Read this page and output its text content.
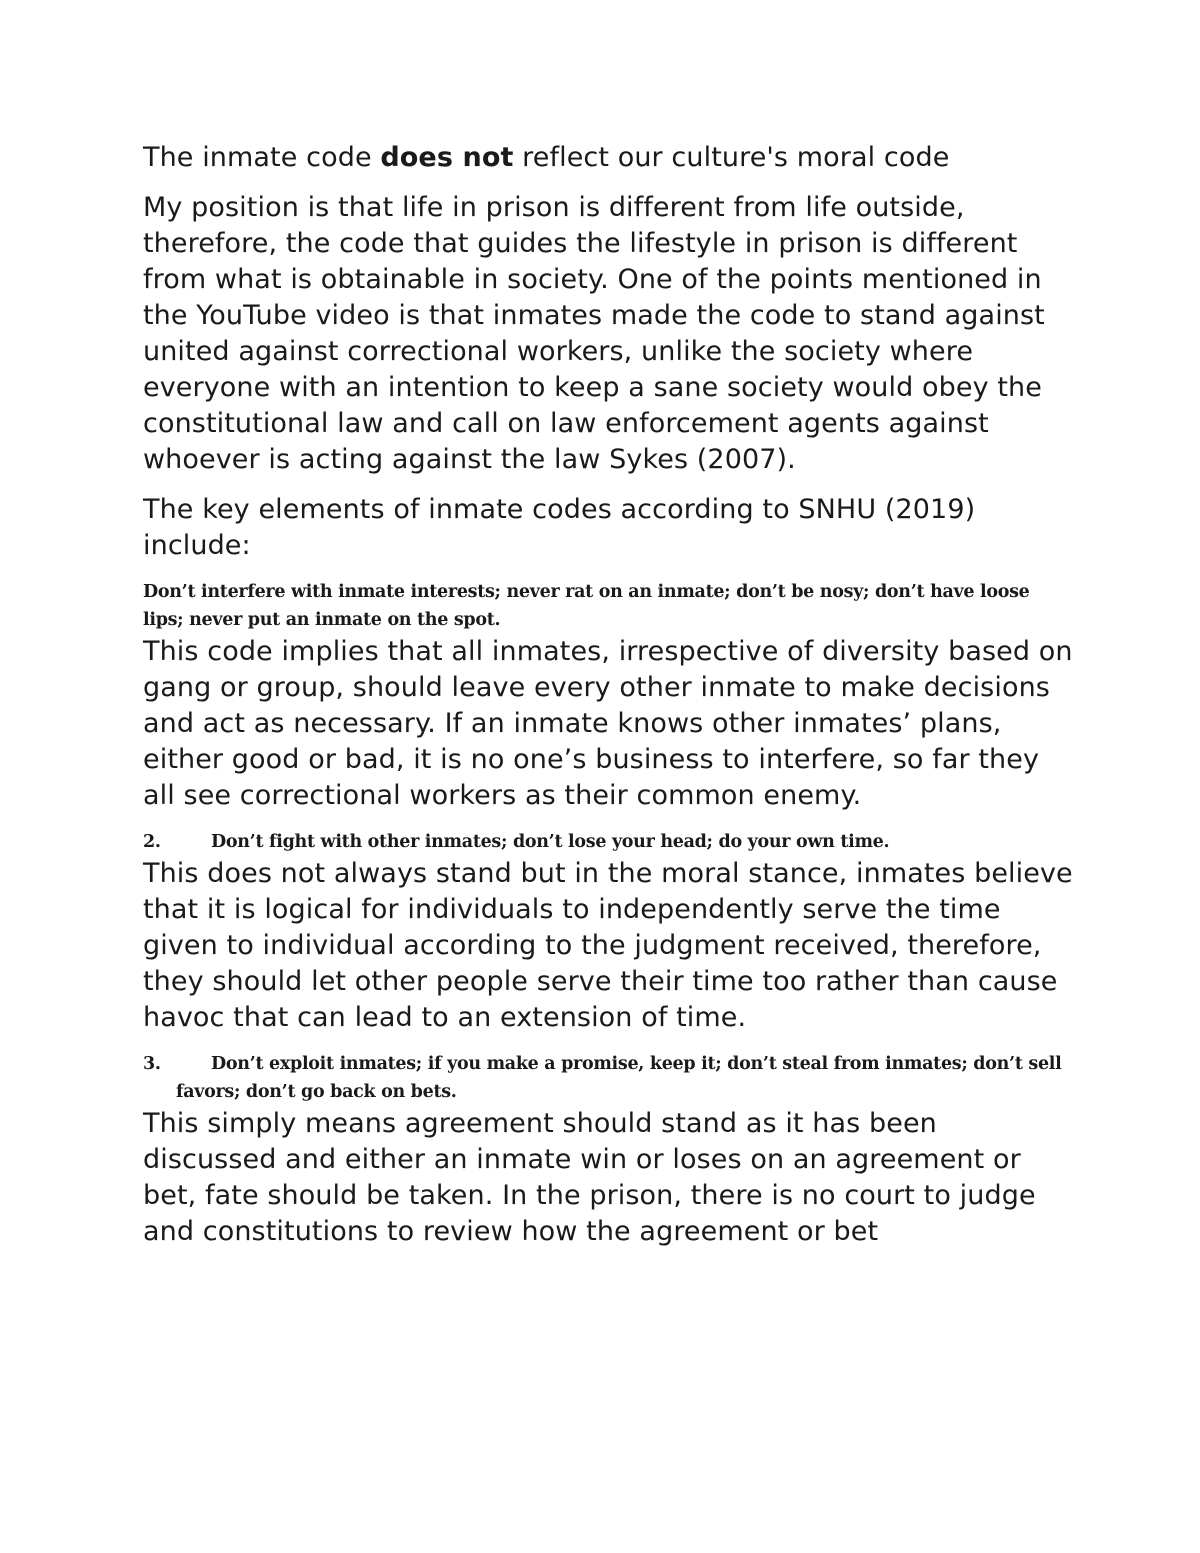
The inmate code does not reflect our culture's moral code

My position is that life in prison is different from life outside, therefore, the code that guides the lifestyle in prison is different from what is obtainable in society. One of the points mentioned in the YouTube video is that inmates made the code to stand against united against correctional workers, unlike the society where everyone with an intention to keep a sane society would obey the constitutional law and call on law enforcement agents against whoever is acting against the law Sykes (2007).

The key elements of inmate codes according to SNHU (2019) include:

Don’t interfere with inmate interests; never rat on an inmate; don’t be nosy; don’t have loose lips; never put an inmate on the spot.

This code implies that all inmates, irrespective of diversity based on gang or group, should leave every other inmate to make decisions and act as necessary. If an inmate knows other inmates’ plans, either good or bad, it is no one’s business to interfere, so far they all see correctional workers as their common enemy.

2.	Don’t fight with other inmates; don’t lose your head; do your own time.

This does not always stand but in the moral stance, inmates believe that it is logical for individuals to independently serve the time given to individual according to the judgment received, therefore, they should let other people serve their time too rather than cause havoc that can lead to an extension of time.

3.	Don’t exploit inmates; if you make a promise, keep it; don’t steal from inmates; don’t sell favors; don’t go back on bets.

This simply means agreement should stand as it has been discussed and either an inmate win or loses on an agreement or bet, fate should be taken. In the prison, there is no court to judge and constitutions to review how the agreement or bet
